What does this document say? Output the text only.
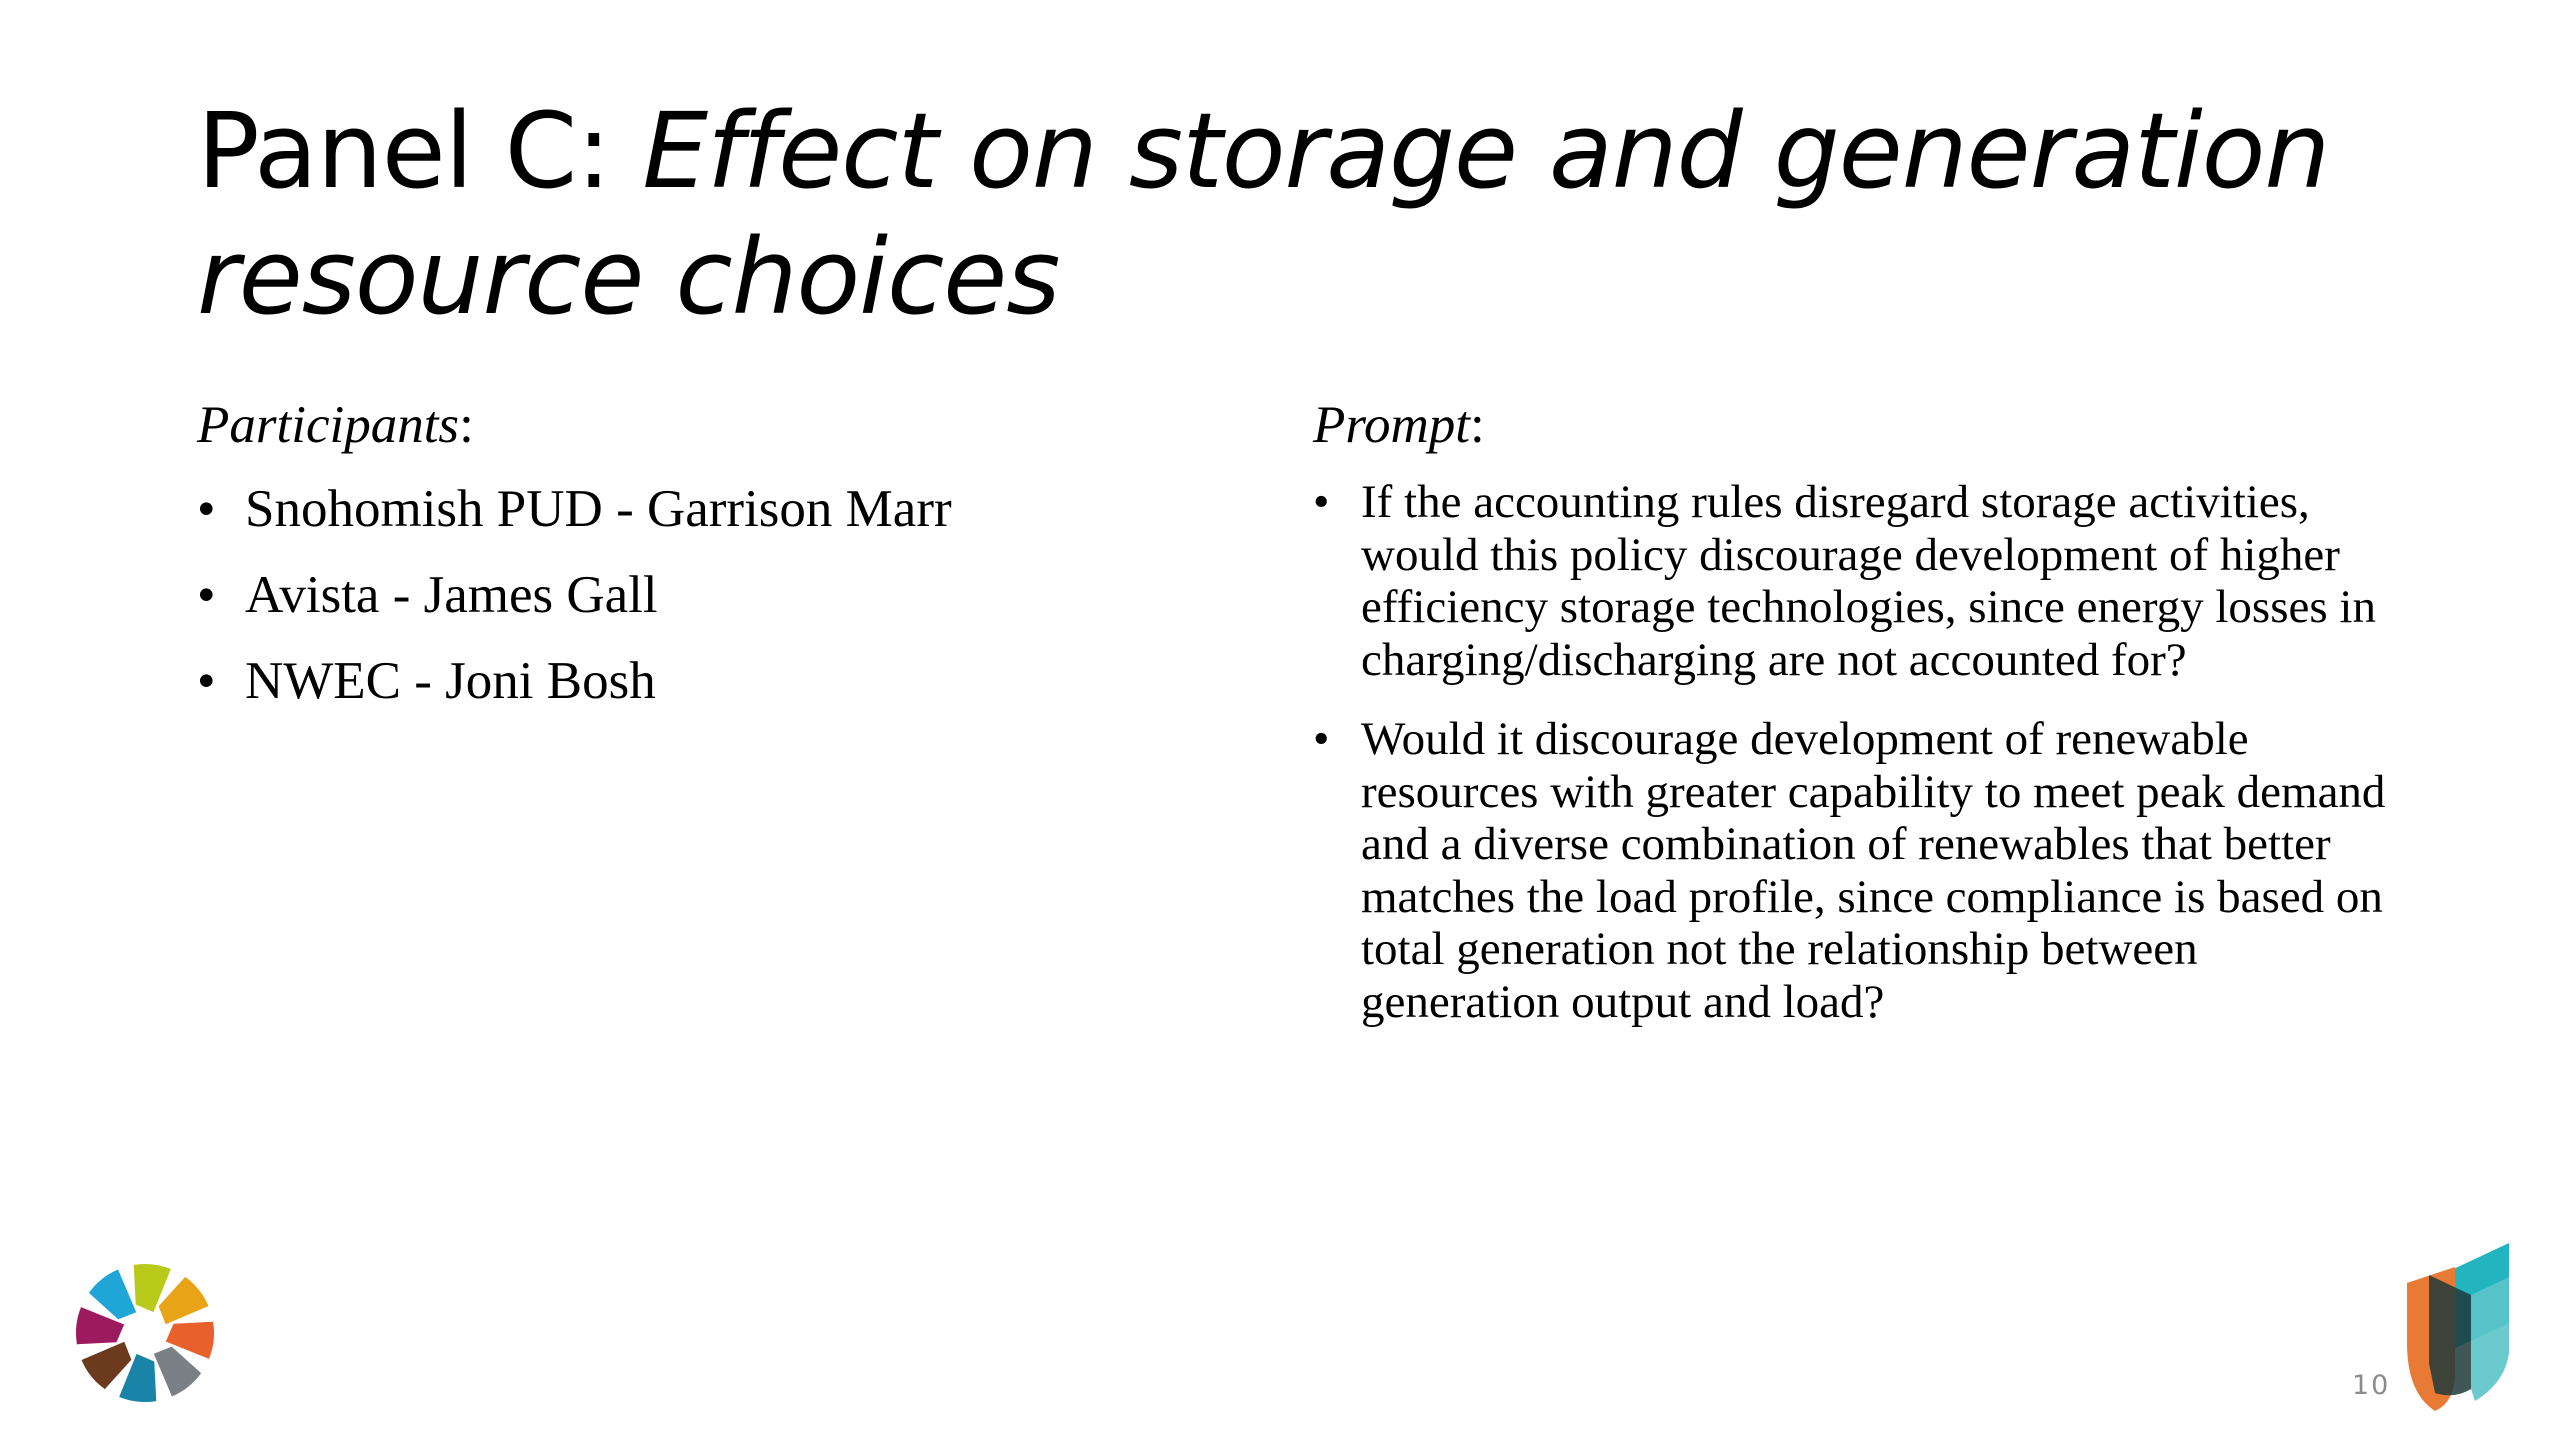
Panel C: Effect on storage and generation resource choices
Participants:
• Snohomish PUD - Garrison Marr
• Avista - James Gall
• NWEC - Joni Bosh
Prompt:
• If the accounting rules disregard storage activities, would this policy discourage development of higher efficiency storage technologies, since energy losses in charging/discharging are not accounted for?
• Would it discourage development of renewable resources with greater capability to meet peak demand and a diverse combination of renewables that better matches the load profile, since compliance is based on total generation not the relationship between generation output and load?
10
